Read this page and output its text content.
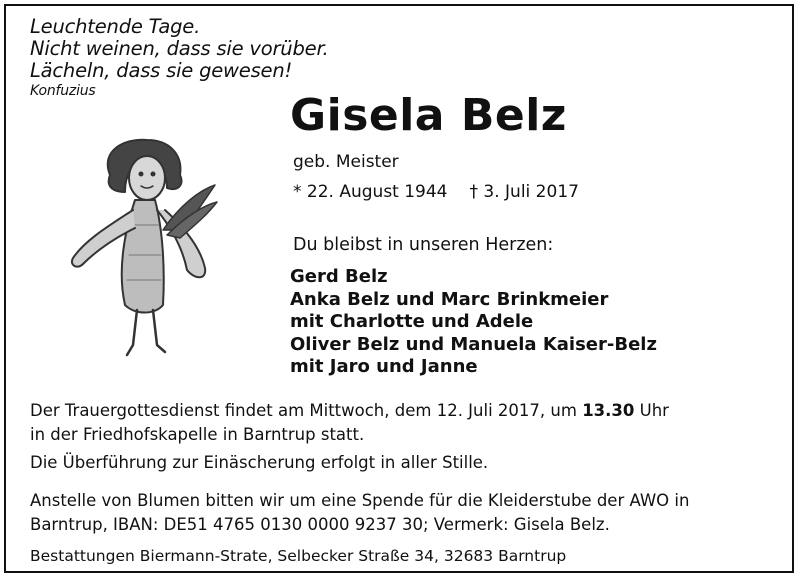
Leuchtende Tage.
Nicht weinen, dass sie vorüber.
Lächeln, dass sie gewesen!
Konfuzius	Gisela Belz
geb. Meister
* 22. August 1944 † 3. Juli 2017
Du bleibst in unseren Herzen:
Gerd Belz
Anka Belz und Marc Brinkmeier
mit Charlotte und Adele
Oliver Belz und Manuela Kaiser-Belz
mit Jaro und Janne
Der Trauergottesdienst findet am Mittwoch, dem 12. Juli 2017, um 13.30 Uhr
in der Friedhofskapelle in Barntrup statt.
Die Überführung zur Einäscherung erfolgt in aller Stille.
Anstelle von Blumen bitten wir um eine Spende für die Kleiderstube der AWO in
Barntrup, IBAN: DE51 4765 0130 0000 9237 30; Vermerk: Gisela Belz.
Bestattungen Biermann-Strate, Selbecker Straße 34, 32683 Barntrup
